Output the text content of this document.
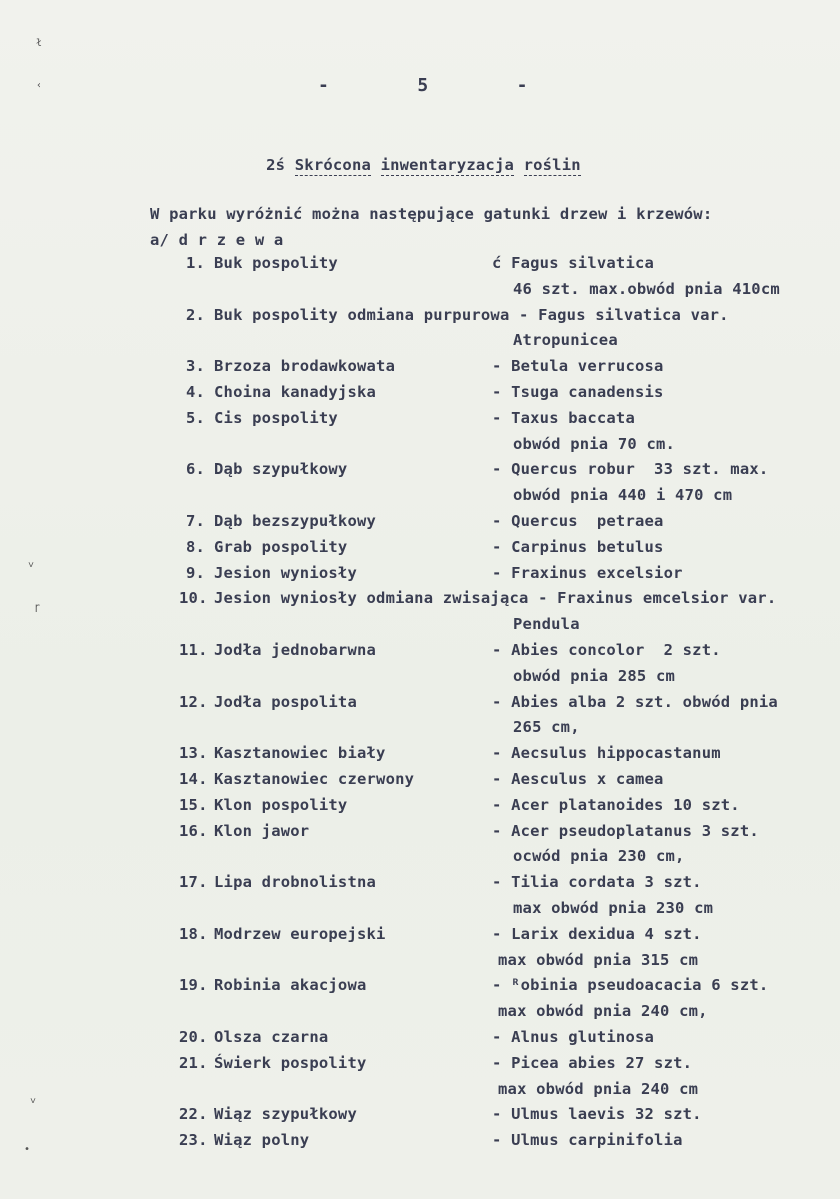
-        5        -

2ś Skrócona inwentaryzacja roślin

W parku wyróżnić można następujące gatunki drzew i krzewów:
a/ d r z e w a
1. Buk pospolity	ć Fagus silvatica
46 szt. max.obwód pnia 410cm
2. Buk pospolity odmiana purpurowa - Fagus silvatica var.
Atropunicea
3. Brzoza brodawkowata	- Betula verrucosa
4. Choina kanadyjska	- Tsuga canadensis
5. Cis pospolity	- Taxus baccata
obwód pnia 70 cm.
6. Dąb szypułkowy	- Quercus robur  33 szt. max.
obwód pnia 440 i 470 cm
7. Dąb bezszypułkowy	- Quercus  petraea
8. Grab pospolity	- Carpinus betulus
9. Jesion wyniosły	- Fraxinus excelsior
10. Jesion wyniosły odmiana zwisająca - Fraxinus emcelsior var.
Pendula
11. Jodła jednobarwna	- Abies concolor  2 szt.
obwód pnia 285 cm
12. Jodła pospolita	- Abies alba 2 szt. obwód pnia
265 cm,
13. Kasztanowiec biały	- Aecsulus hippocastanum
14. Kasztanowiec czerwony	- Aesculus x camea
15. Klon pospolity	- Acer platanoides 10 szt.
16. Klon jawor	- Acer pseudoplatanus 3 szt.
ocwód pnia 230 cm,
17. Lipa drobnolistna	- Tilia cordata 3 szt.
max obwód pnia 230 cm
18. Modrzew europejski	- Larix dexidua 4 szt.
max obwód pnia 315 cm
19. Robinia akacjowa	- ᴿobinia pseudoacacia 6 szt.
max obwód pnia 240 cm,
20. Olsza czarna	- Alnus glutinosa
21. Świerk pospolity	- Picea abies 27 szt.
max obwód pnia 240 cm
22. Wiąz szypułkowy	- Ulmus laevis 32 szt.
23. Wiąz polny	- Ulmus carpinifolia
ł
‹
˅
ɼ
˅
•
